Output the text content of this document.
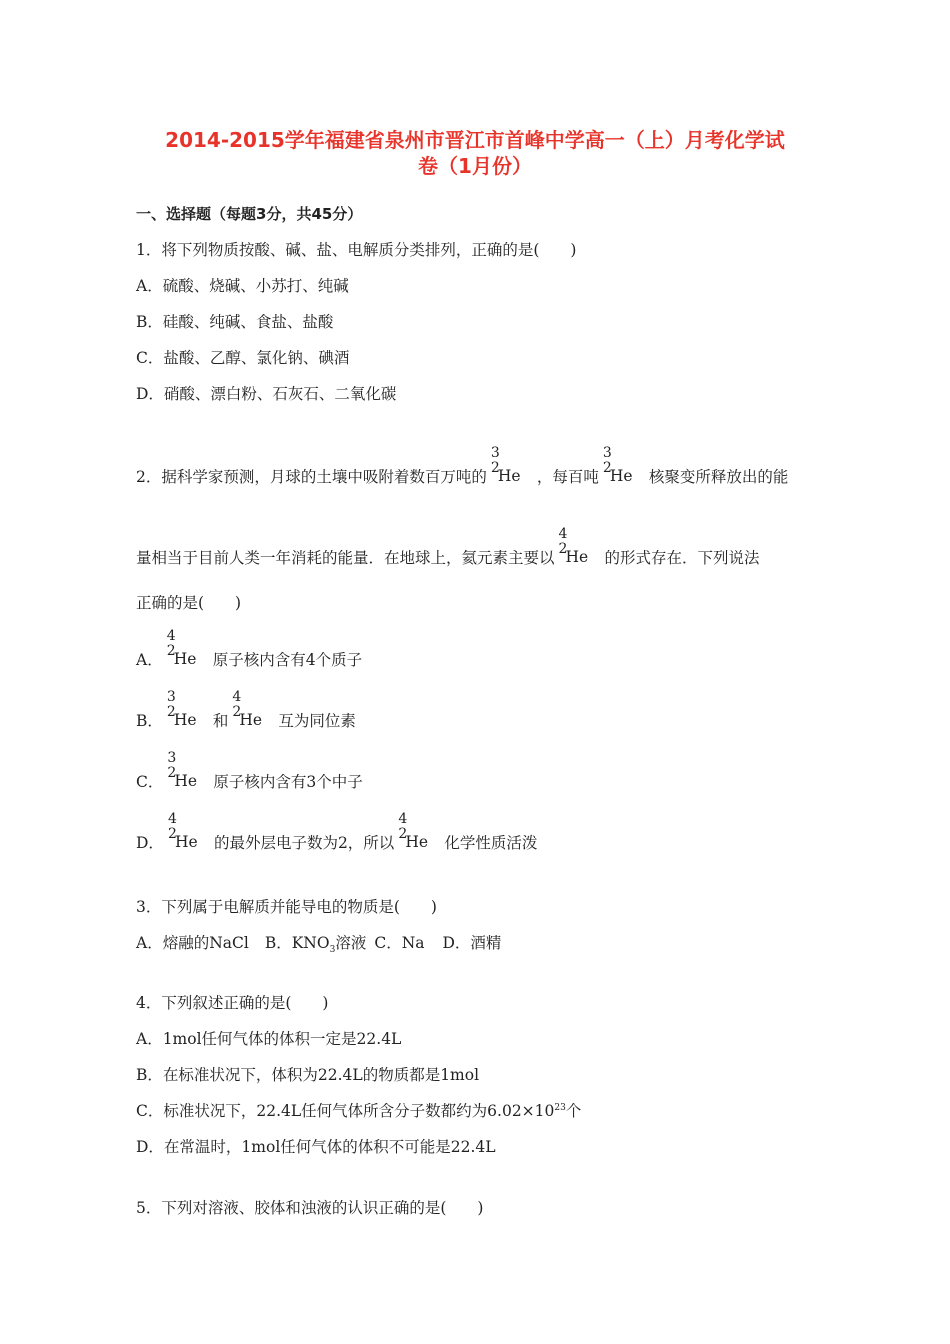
2014-2015学年福建省泉州市晋江市首峰中学高一（上）月考化学试
卷（1月份）
一、选择题（每题3分，共45分）
1．将下列物质按酸、碱、盐、电解质分类排列，正确的是(　　)
A．硫酸、烧碱、小苏打、纯碱
B．硅酸、纯碱、食盐、盐酸
C．盐酸、乙醇、氯化钠、碘酒
D．硝酸、漂白粉、石灰石、二氧化碳
2．据科学家预测，月球的土壤中吸附着数百万吨的
3
2
He ，每百吨
3
2
He 核聚变所释放出的能
量相当于目前人类一年消耗的能量．在地球上，氦元素主要以
4
2
He 的形式存在．下列说法
正确的是(　　)
A．
4
2
He 原子核内含有4个质子
B．
3
2
He 和
4
2
He 互为同位素
C．
3
2
He 原子核内含有3个中子
D．
4
2
He 的最外层电子数为2，所以
4
2
He 化学性质活泼
3．下列属于电解质并能导电的物质是(　　)
A．熔融的NaCl B．$KNO_3$溶液 C．Na D．酒精
4．下列叙述正确的是(　　)
A．1mol任何气体的体积一定是22.4L
B．在标准状况下，体积为22.4L的物质都是1mol
C．标准状况下，22.4L任何气体所含分子数都约为$6.02\times 10^{23}$个
D．在常温时，1mol任何气体的体积不可能是22.4L
5．下列对溶液、胶体和浊液的认识正确的是(　　)
